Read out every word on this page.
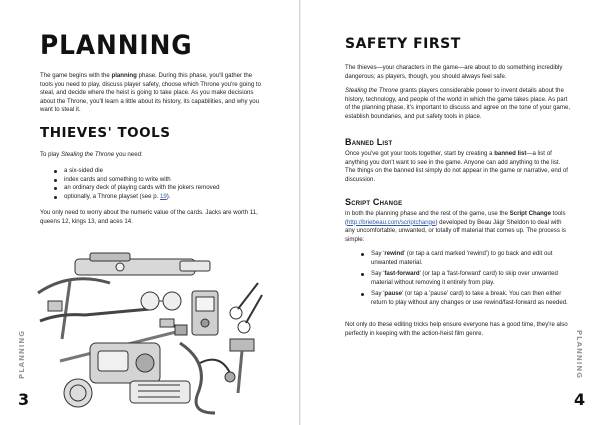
PLANNING
The game begins with the planning phase. During this phase, you'll gather the tools you need to play, discuss player safety, choose which Throne you're going to steal, and decide where the heist is going to take place. As you make decisions about the Throne, you'll learn a little about its history, its capabilities, and why you want to steal it.
THIEVES' TOOLS
To play Stealing the Throne you need:
a six-sided die
index cards and something to write with
an ordinary deck of playing cards with the jokers removed
optionally, a Throne playset (see p. 19).
You only need to worry about the numeric value of the cards. Jacks are worth 11, queens 12, kings 13, and aces 14.
PLANNING
3
SAFETY FIRST
The thieves—your characters in the game—are about to do something incredibly dangerous; as players, though, you should always feel safe.
Stealing the Throne grants players considerable power to invent details about the history, technology, and people of the world in which the game takes place. As part of the planning phase, it's important to discuss and agree on the tone of your game, establish boundaries, and put safety tools in place.
Banned List
Once you've got your tools together, start by creating a banned list—a list of anything you don't want to see in the game. Anyone can add anything to the list. The things on the banned list simply do not appear in the game or narrative, end of discussion.
Script Change
In both the planning phase and the rest of the game, use the Script Change tools (http://briebeau.com/scriptchange) developed by Beau Jágr Sheldon to deal with any uncomfortable, unwanted, or totally off material that comes up. The process is simple:
Say 'rewind' (or tap a card marked 'rewind') to go back and edit out unwanted material.
Say 'fast-forward' (or tap a 'fast-forward' card) to skip over unwanted material without removing it entirely from play.
Say 'pause' (or tap a 'pause' card) to take a break. You can then either return to play without any changes or use rewind/fast-forward as needed.
Not only do these editing tricks help ensure everyone has a good time, they're also perfectly in keeping with the action-heist film genre.	PLANNING
4
